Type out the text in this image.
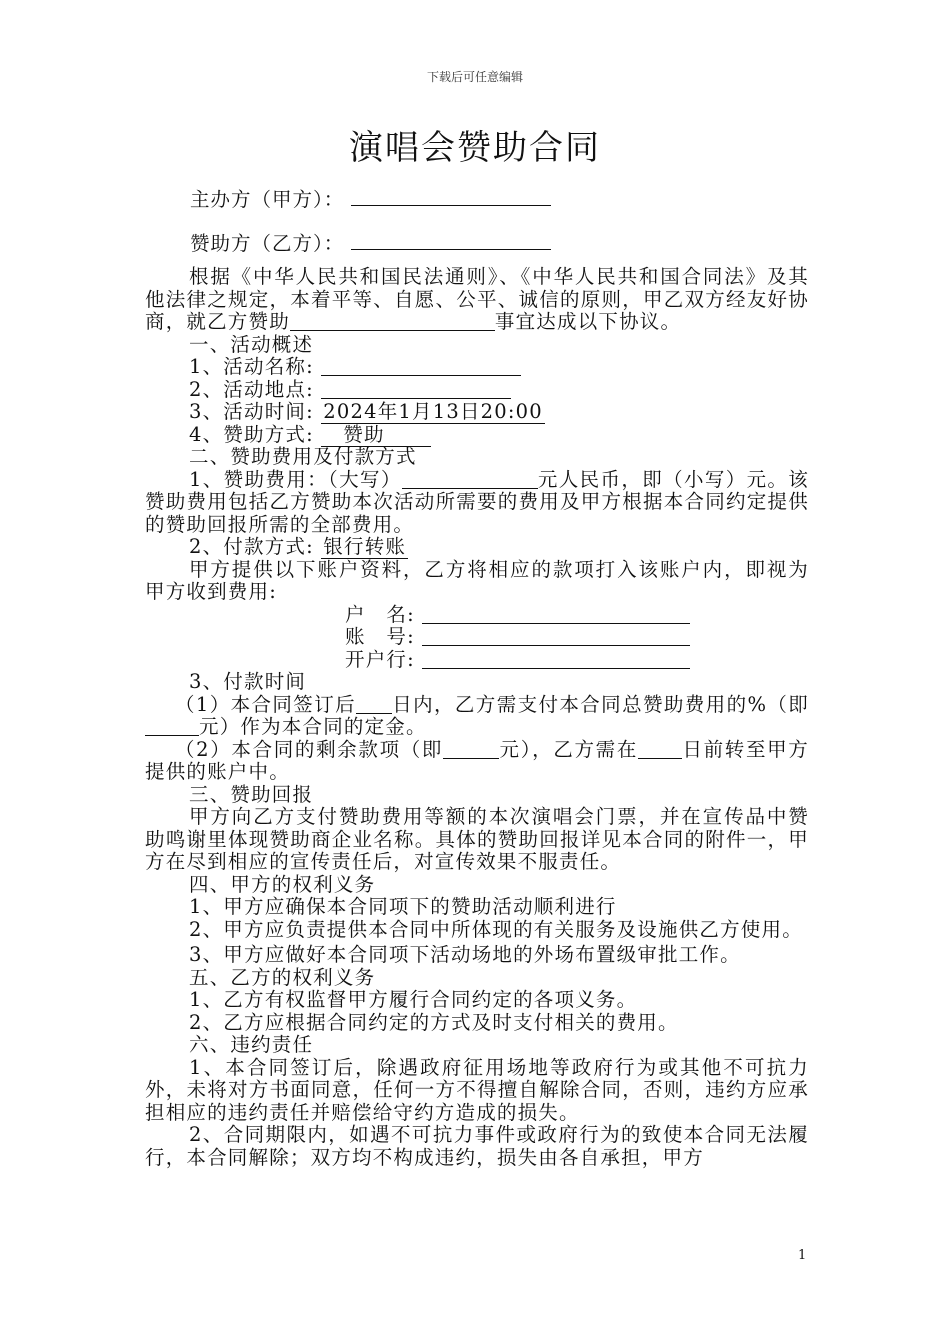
下载后可任意编辑
演唱会赞助合同
主办方（甲方）：
赞助方（乙方）：

根据《中华人民共和国民法通则》、《中华人民共和国合同法》及其他法律之规定，本着平等、自愿、公平、诚信的原则，甲乙双方经友好协商，就乙方赞助	事宜达成以下协议。

一、活动概述

1、活动名称:

2、活动地点:

3、活动时间: 2024年1月13日20:00

4、赞助方式: 赞助

二、赞助费用及付款方式

1、赞助费用：（大写）	元人民币，即（小写）元。该赞助费用包括乙方赞助本次活动所需要的费用及甲方根据本合同约定提供的赞助回报所需的全部费用。

2、付款方式: 银行转账

甲方提供以下账户资料，乙方将相应的款项打入该账户内，即视为甲方收到费用:

户　名:

账　号:

开户行:

3、付款时间

（1）本合同签订后 日内，乙方需支付本合同总赞助费用的%（即元）作为本合同的定金。

（2）本合同的剩余款项（即	元），乙方需在 日前转至甲方提供的账户中。

三、赞助回报

甲方向乙方支付赞助费用等额的本次演唱会门票，并在宣传品中赞助鸣谢里体现赞助商企业名称。具体的赞助回报详见本合同的附件一，甲方在尽到相应的宣传责任后，对宣传效果不服责任。

四、甲方的权利义务

1、甲方应确保本合同项下的赞助活动顺利进行

2、甲方应负责提供本合同中所体现的有关服务及设施供乙方使用。

3、甲方应做好本合同项下活动场地的外场布置级审批工作。

五、乙方的权利义务

1、乙方有权监督甲方履行合同约定的各项义务。

2、乙方应根据合同约定的方式及时支付相关的费用。

六、违约责任

1、本合同签订后，除遇政府征用场地等政府行为或其他不可抗力外，未将对方书面同意，任何一方不得擅自解除合同，否则，违约方应承担相应的违约责任并赔偿给守约方造成的损失。

2、合同期限内，如遇不可抗力事件或政府行为的致使本合同无法履行，本合同解除；双方均不构成违约，损失由各自承担，甲方

1
